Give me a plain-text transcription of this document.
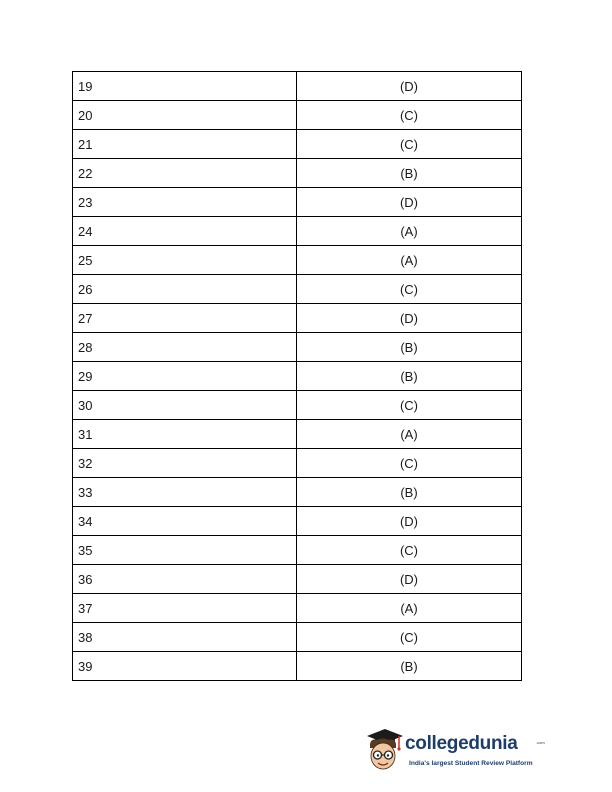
19	(D)
20	(C)
21	(C)
22	(B)
23	(D)
24	(A)
25	(A)
26	(C)
27	(D)
28	(B)
29	(B)
30	(C)
31	(A)
32	(C)
33	(B)
34	(D)
35	(C)
36	(D)
37	(A)
38	(C)
39	(B)
collegedunia	.com
India's largest Student Review Platform
